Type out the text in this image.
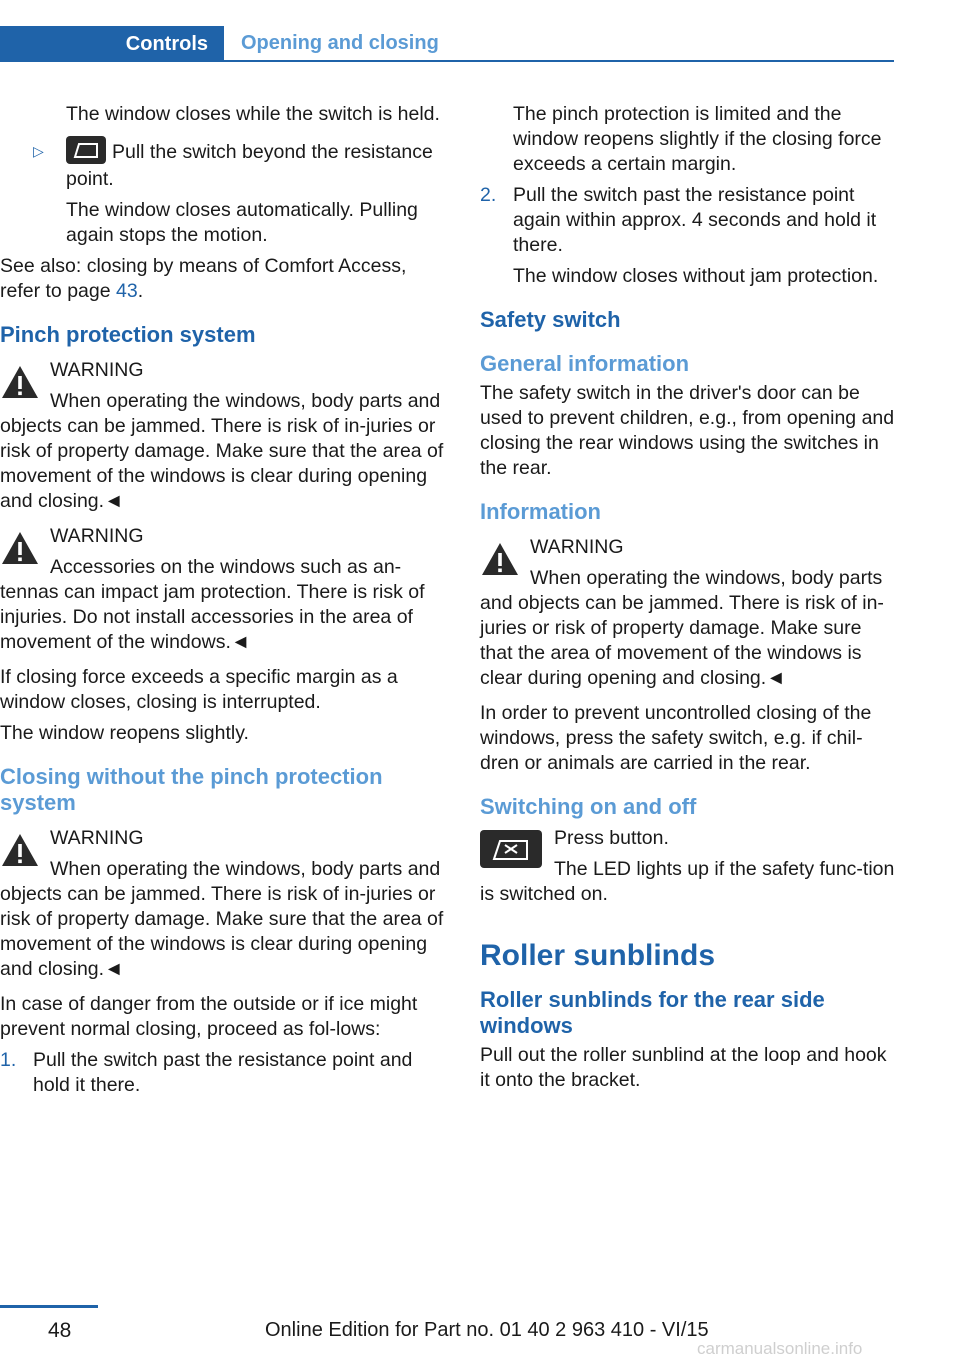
Controls	Opening and closing

The window closes while the switch is held.

▷	Pull the switch beyond the resistance point.

The window closes automatically. Pulling again stops the motion.

See also: closing by means of Comfort Access, refer to page 43.

Pinch protection system
WARNING
When operating the windows, body parts and objects can be jammed. There is risk of in-juries or risk of property damage. Make sure that the area of movement of the windows is clear during opening and closing.◄
WARNING
Accessories on the windows such as an-tennas can impact jam protection. There is risk of injuries. Do not install accessories in the area of movement of the windows.◄

If closing force exceeds a specific margin as a window closes, closing is interrupted.

The window reopens slightly.

Closing without the pinch protection system
WARNING
When operating the windows, body parts and objects can be jammed. There is risk of in-juries or risk of property damage. Make sure that the area of movement of the windows is clear during opening and closing.◄

In case of danger from the outside or if ice might prevent normal closing, proceed as fol-lows:

1. Pull the switch past the resistance point and hold it there.

The pinch protection is limited and the window reopens slightly if the closing force exceeds a certain margin.

2. Pull the switch past the resistance point again within approx. 4 seconds and hold it there.

The window closes without jam protection.

Safety switch
General information

The safety switch in the driver's door can be used to prevent children, e.g., from opening and closing the rear windows using the switches in the rear.

Information
WARNING
When operating the windows, body parts and objects can be jammed. There is risk of in-juries or risk of property damage. Make sure that the area of movement of the windows is clear during opening and closing.◄

In order to prevent uncontrolled closing of the windows, press the safety switch, e.g. if chil-dren or animals are carried in the rear.

Switching on and off

Press button.

The LED lights up if the safety func-tion is switched on.

Roller sunblinds
Roller sunblinds for the rear side windows

Pull out the roller sunblind at the loop and hook it onto the bracket.

48	Online Edition for Part no. 01 40 2 963 410 - VI/15
carmanualsonline.info
